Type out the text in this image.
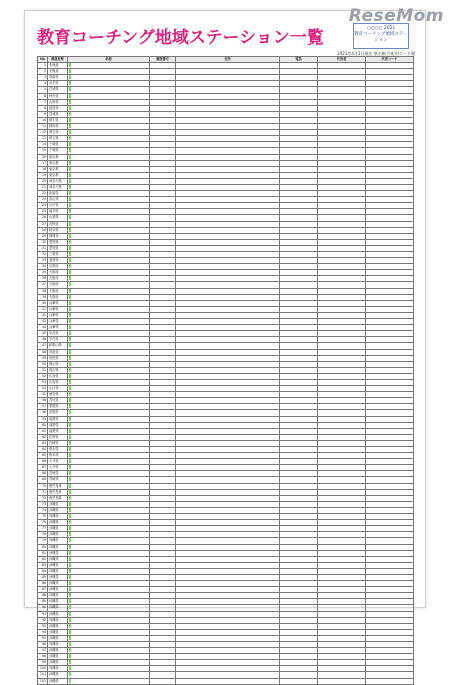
ReseMom
教育コーチング地域ステーション一覧	○○○○ 2021
教育コーチング地域ステーション
2021年4月1日現在 県名順 市町村コード順
No	都道府県	名称	郵便番号	住所	電話	代表者	代表コーチ
1	北海道						
2	北海道						
3	青森県						
4	岩手県						
5	宮城県						
6	秋田県						
7	山形県						
8	福島県						
9	茨城県						
10	栃木県						
11	群馬県						
12	埼玉県						
13	埼玉県						
14	千葉県						
15	千葉県						
16	東京都						
17	東京都						
18	東京都						
19	東京都						
20	神奈川県						
21	神奈川県						
22	新潟県						
23	富山県						
24	石川県						
25	福井県						
26	山梨県						
27	長野県						
28	岐阜県						
29	静岡県						
30	愛知県						
31	愛知県						
32	三重県						
33	滋賀県						
34	京都府						
35	大阪府						
36	大阪府						
37	大阪府						
38	大阪府						
39	大阪府						
40	兵庫県						
41	兵庫県						
42	兵庫県						
43	兵庫県						
44	兵庫県						
45	奈良県						
46	奈良県						
47	和歌山県						
48	鳥取県						
49	島根県						
50	岡山県						
51	岡山県						
52	広島県						
53	広島県						
54	山口県						
55	徳島県						
56	香川県						
57	愛媛県						
58	高知県						
59	福岡県						
60	福岡県						
61	福岡県						
62	佐賀県						
63	長崎県						
64	熊本県						
65	熊本県						
66	大分県						
67	大分県						
68	宮崎県						
69	宮崎県						
70	鹿児島県						
71	鹿児島県						
72	鹿児島県						
73	沖縄県						
74	沖縄県						
75	沖縄県						
76	沖縄県						
77	沖縄県						
78	沖縄県						
79	沖縄県						
80	沖縄県						
81	沖縄県						
82	沖縄県						
83	沖縄県						
84	沖縄県						
85	沖縄県						
86	沖縄県						
87	沖縄県						
88	沖縄県						
89	沖縄県						
90	沖縄県						
91	沖縄県						
92	沖縄県						
93	沖縄県						
94	沖縄県						
95	沖縄県						
96	沖縄県						
97	沖縄県						
98	沖縄県						
99	沖縄県						
100	沖縄県						
101	沖縄県						
102	沖縄県						
